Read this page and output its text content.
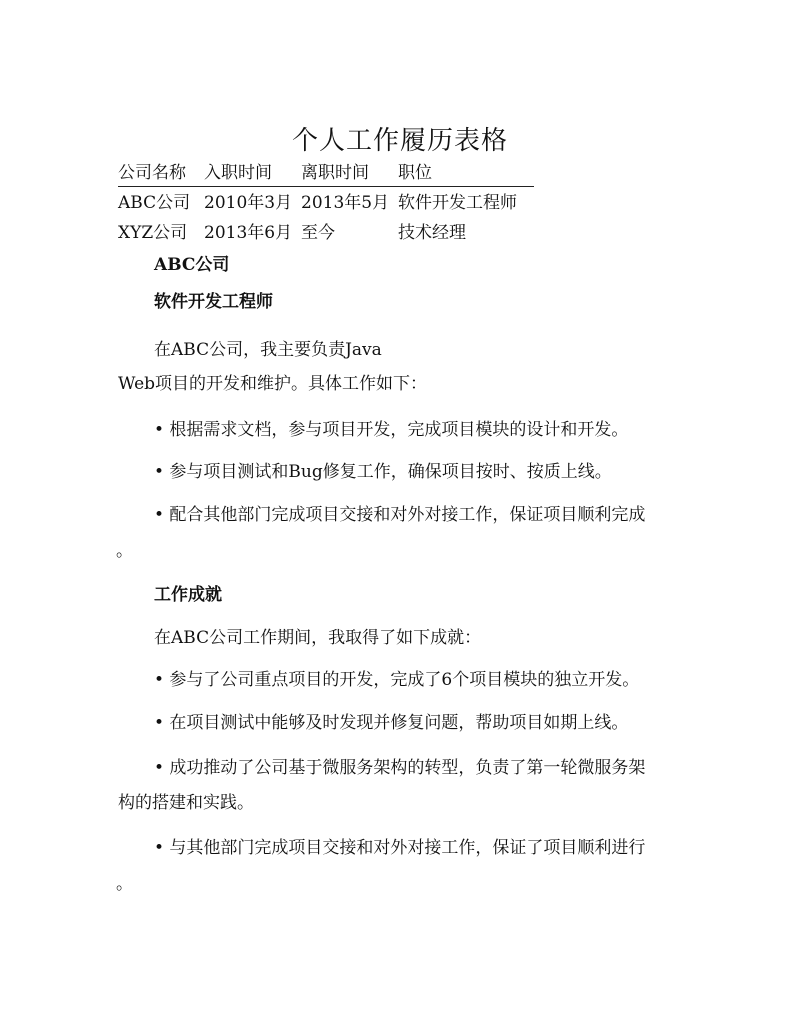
个人工作履历表格
公司名称 入职时间 离职时间 职位
ABC公司 2010年3月 2013年5月 软件开发工程师
XYZ公司 2013年6月 至今	技术经理
ABC公司
软件开发工程师
在ABC公司，我主要负责Java
Web项目的开发和维护。具体工作如下：
• 根据需求文档，参与项目开发，完成项目模块的设计和开发。
• 参与项目测试和Bug修复工作，确保项目按时、按质上线。
• 配合其他部门完成项目交接和对外对接工作，保证项目顺利完成
。
工作成就
在ABC公司工作期间，我取得了如下成就：
• 参与了公司重点项目的开发，完成了6个项目模块的独立开发。
• 在项目测试中能够及时发现并修复问题，帮助项目如期上线。
• 成功推动了公司基于微服务架构的转型，负责了第一轮微服务架
构的搭建和实践。
• 与其他部门完成项目交接和对外对接工作，保证了项目顺利进行
。
